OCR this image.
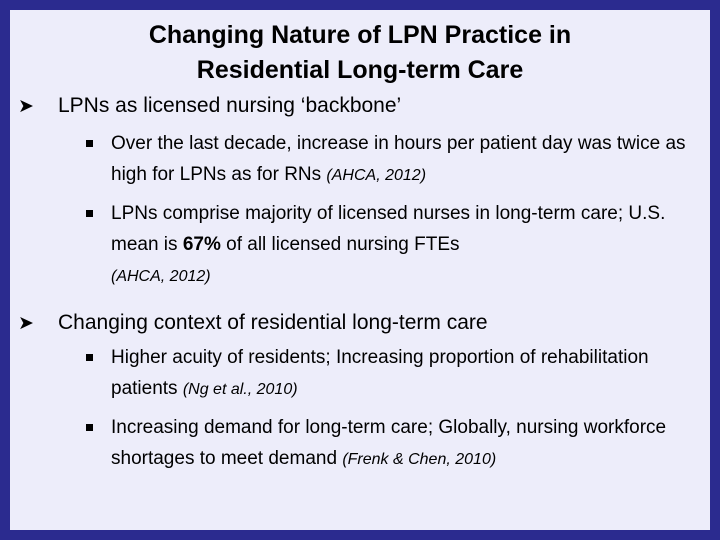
Changing Nature of LPN Practice in
Residential Long-term Care
➤ LPNs as licensed nursing ‘backbone’
Over the last decade, increase in hours per patient day was twice as high for LPNs as for RNs (AHCA, 2012)
LPNs comprise majority of licensed nurses in long-term care; U.S. mean is 67% of all licensed nursing FTEs
(AHCA, 2012)
➤ Changing context of residential long-term care
Higher acuity of residents; Increasing proportion of rehabilitation patients (Ng et al., 2010)
Increasing demand for long-term care; Globally, nursing workforce shortages to meet demand (Frenk & Chen, 2010)
